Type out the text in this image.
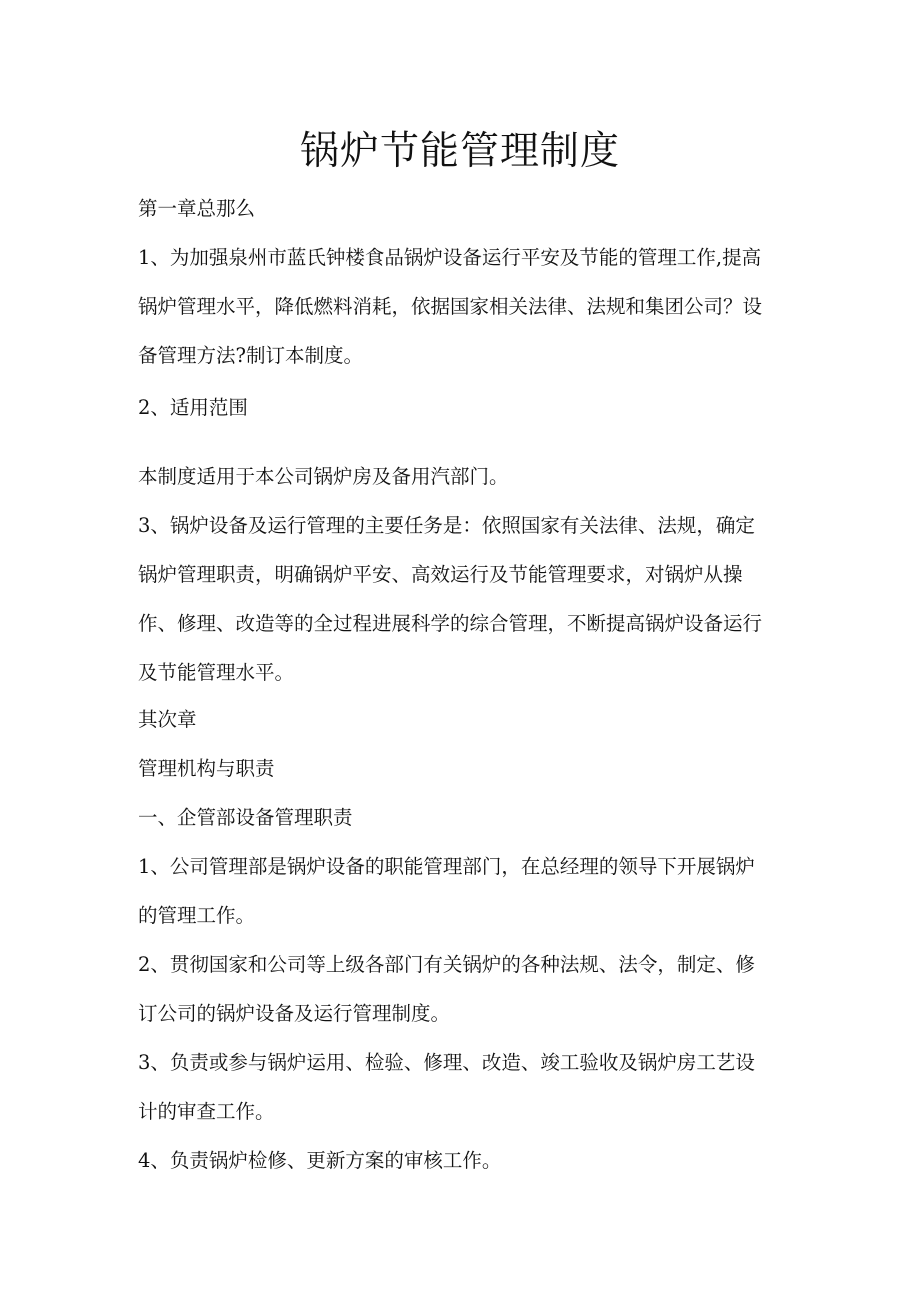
锅炉节能管理制度

第一章总那么

1、为加强泉州市蓝氏钟楼食品锅炉设备运行平安及节能的管理工作,提高

锅炉管理水平，降低燃料消耗，依据国家相关法律、法规和集团公司？设

备管理方法?制订本制度。

2、适用范围

本制度适用于本公司锅炉房及备用汽部门。

3、锅炉设备及运行管理的主要任务是：依照国家有关法律、法规，确定

锅炉管理职责，明确锅炉平安、高效运行及节能管理要求，对锅炉从操

作、修理、改造等的全过程进展科学的综合管理，不断提高锅炉设备运行

及节能管理水平。

其次章

管理机构与职责

一、企管部设备管理职责

1、公司管理部是锅炉设备的职能管理部门，在总经理的领导下开展锅炉

的管理工作。

2、贯彻国家和公司等上级各部门有关锅炉的各种法规、法令，制定、修

订公司的锅炉设备及运行管理制度。

3、负责或参与锅炉运用、检验、修理、改造、竣工验收及锅炉房工艺设

计的审查工作。

4、负责锅炉检修、更新方案的审核工作。
